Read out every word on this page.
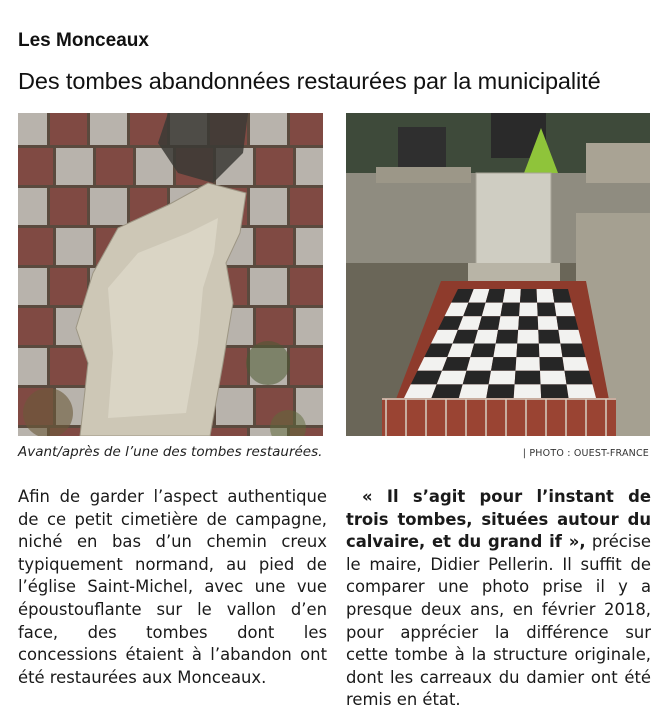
Les Monceaux
Des tombes abandonnées restaurées par la municipalité
Avant/après de l’une des tombes restaurées.	| PHOTO : OUEST-FRANCE

Afin de garder l’aspect authentique de ce petit cimetière de campagne, niché en bas d’un chemin creux typiquement normand, au pied de l’église Saint-Michel, avec une vue époustouflante sur le vallon d’en face, des tombes dont les concessions étaient à l’abandon ont été restaurées aux Monceaux.

« Il s’agit pour l’instant de trois tombes, situées autour du calvaire, et du grand if », précise le maire, Didier Pellerin. Il suffit de comparer une photo prise il y a presque deux ans, en février 2018, pour apprécier la différence sur cette tombe à la structure originale, dont les carreaux du damier ont été remis en état.
